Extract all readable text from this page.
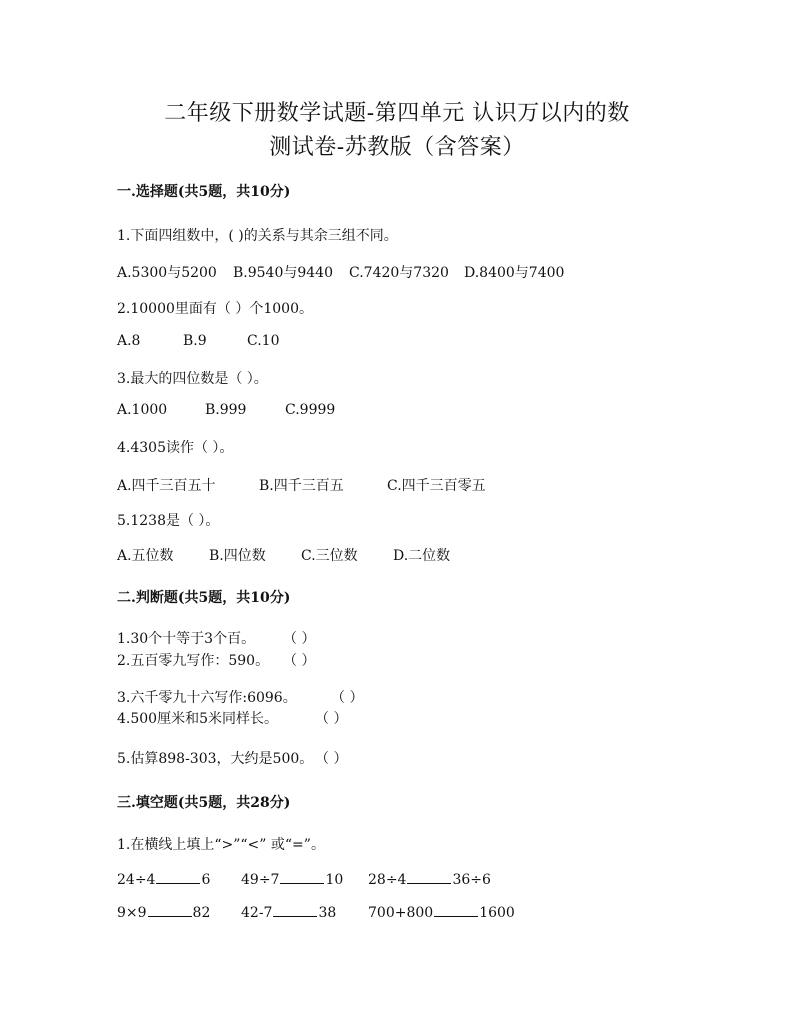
二年级下册数学试题-第四单元 认识万以内的数
测试卷-苏教版（含答案）
一.选择题(共5题，共10分)
1.下面四组数中，( )的关系与其余三组不同。
A.5300与5200 B.9540与9440 C.7420与7320 D.8400与7400
2.10000里面有（ ）个1000。
A.8	B.9	C.10
3.最大的四位数是（ ）。
A.1000	B.999	C.9999
4.4305读作（ ）。
A.四千三百五十	B.四千三百五	C.四千三百零五
5.1238是（ ）。
A.五位数	B.四位数	C.三位数	D.二位数
二.判断题(共5题，共10分)
1.30个十等于3个百。 （ ）
2.五百零九写作：590。 （ ）
3.六千零九十六写作:6096。 （ ）
4.500厘米和5米同样长。	（ ）
5.估算898-303，大约是500。 （ ）
三.填空题(共5题，共28分)
1.在横线上填上“>”“<” 或“=”。
24÷4	6 49÷7	10 28÷4	36÷6
9×9	82 42-7	38 700+800	1600
